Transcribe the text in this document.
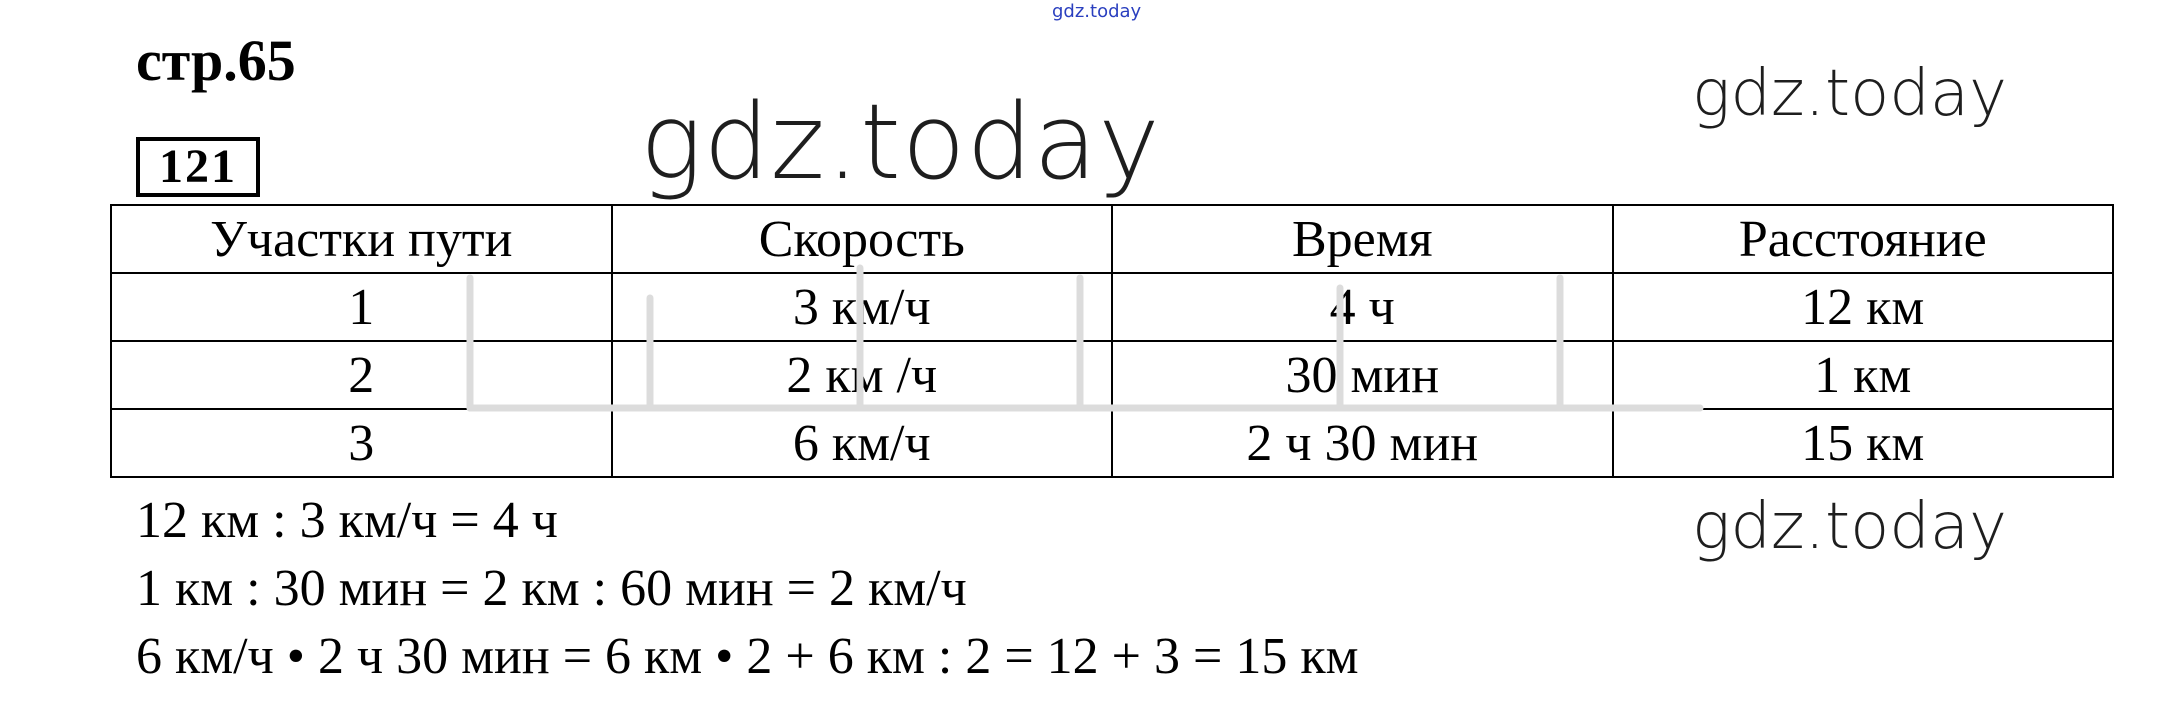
gdz.today
стр.65
121	gdz.today	gdz.today
Участки пути	Скорость	Время	Расстояние
1	3 км/ч	4 ч	12 км
2	2 км /ч	30 мин	1 км
3	6 км/ч	2 ч 30 мин	15 км
gdz.today
12 км : 3 км/ч = 4 ч
1 км : 30 мин = 2 км : 60 мин = 2 км/ч
6 км/ч • 2 ч 30 мин = 6 км • 2 + 6 км : 2 = 12 + 3 = 15 км
